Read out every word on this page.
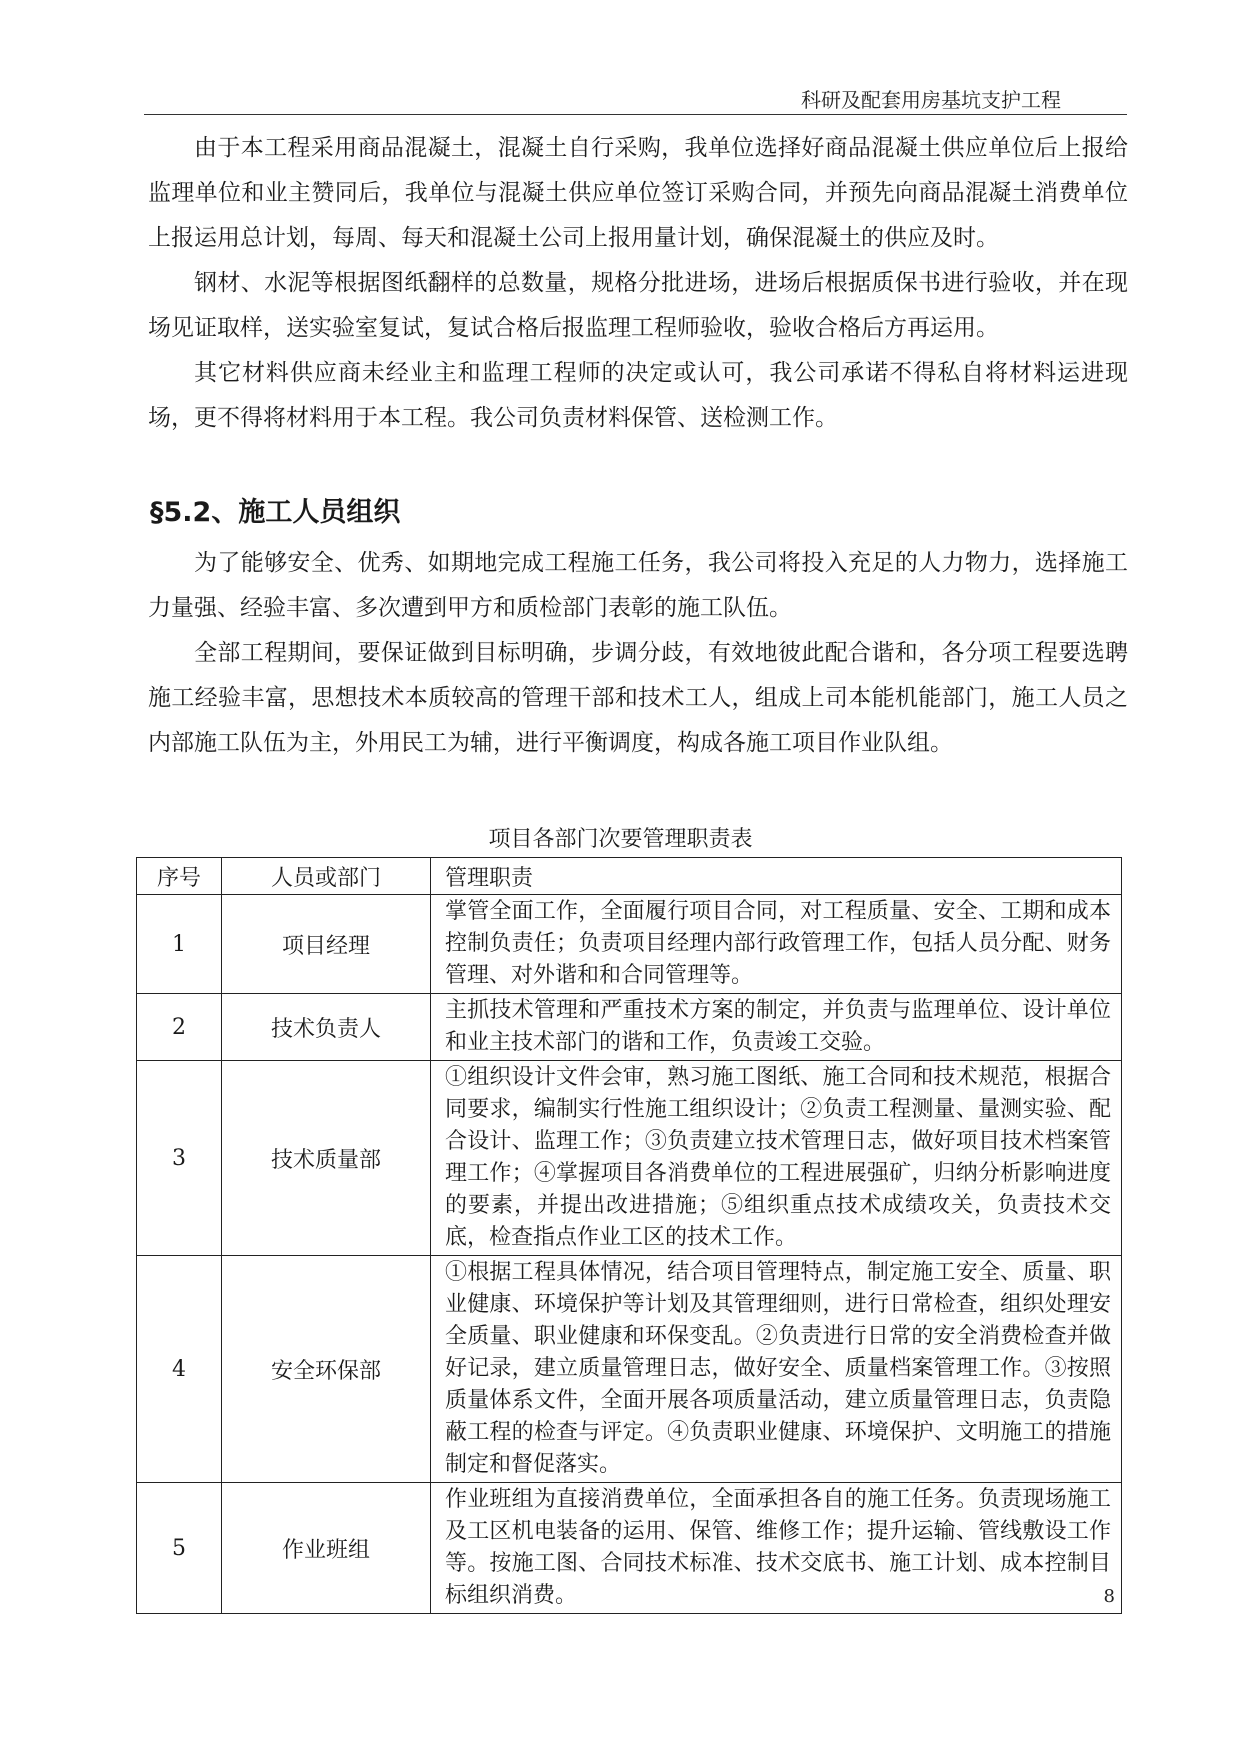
科研及配套用房基坑支护工程

由于本工程采用商品混凝土，混凝土自行采购，我单位选择好商品混凝土供应单位后上报给监理单位和业主赞同后，我单位与混凝土供应单位签订采购合同，并预先向商品混凝土消费单位上报运用总计划，每周、每天和混凝土公司上报用量计划，确保混凝土的供应及时。

钢材、水泥等根据图纸翻样的总数量，规格分批进场，进场后根据质保书进行验收，并在现场见证取样，送实验室复试，复试合格后报监理工程师验收，验收合格后方再运用。

其它材料供应商未经业主和监理工程师的决定或认可，我公司承诺不得私自将材料运进现场，更不得将材料用于本工程。我公司负责材料保管、送检测工作。

§5.2、施工人员组织

为了能够安全、优秀、如期地完成工程施工任务，我公司将投入充足的人力物力，选择施工力量强、经验丰富、多次遭到甲方和质检部门表彰的施工队伍。

全部工程期间，要保证做到目标明确，步调分歧，有效地彼此配合谐和，各分项工程要选聘施工经验丰富，思想技术本质较高的管理干部和技术工人，组成上司本能机能部门，施工人员之内部施工队伍为主，外用民工为辅，进行平衡调度，构成各施工项目作业队组。

项目各部门次要管理职责表
序号	人员或部门	管理职责
1	项目经理	掌管全面工作，全面履行项目合同，对工程质量、安全、工期和成本控制负责任；负责项目经理内部行政管理工作，包括人员分配、财务管理、对外谐和和合同管理等。
2	技术负责人	主抓技术管理和严重技术方案的制定，并负责与监理单位、设计单位和业主技术部门的谐和工作，负责竣工交验。
3	技术质量部	①组织设计文件会审，熟习施工图纸、施工合同和技术规范，根据合同要求，编制实行性施工组织设计；②负责工程测量、量测实验、配合设计、监理工作；③负责建立技术管理日志，做好项目技术档案管理工作；④掌握项目各消费单位的工程进展强矿，归纳分析影响进度的要素，并提出改进措施；⑤组织重点技术成绩攻关，负责技术交底，检查指点作业工区的技术工作。
4	安全环保部	①根据工程具体情况，结合项目管理特点，制定施工安全、质量、职业健康、环境保护等计划及其管理细则，进行日常检查，组织处理安全质量、职业健康和环保变乱。②负责进行日常的安全消费检查并做好记录，建立质量管理日志，做好安全、质量档案管理工作。③按照质量体系文件，全面开展各项质量活动，建立质量管理日志，负责隐蔽工程的检查与评定。④负责职业健康、环境保护、文明施工的措施制定和督促落实。
5	作业班组	作业班组为直接消费单位，全面承担各自的施工任务。负责现场施工及工区机电装备的运用、保管、维修工作；提升运输、管线敷设工作等。按施工图、合同技术标准、技术交底书、施工计划、成本控制目标组织消费。	8
